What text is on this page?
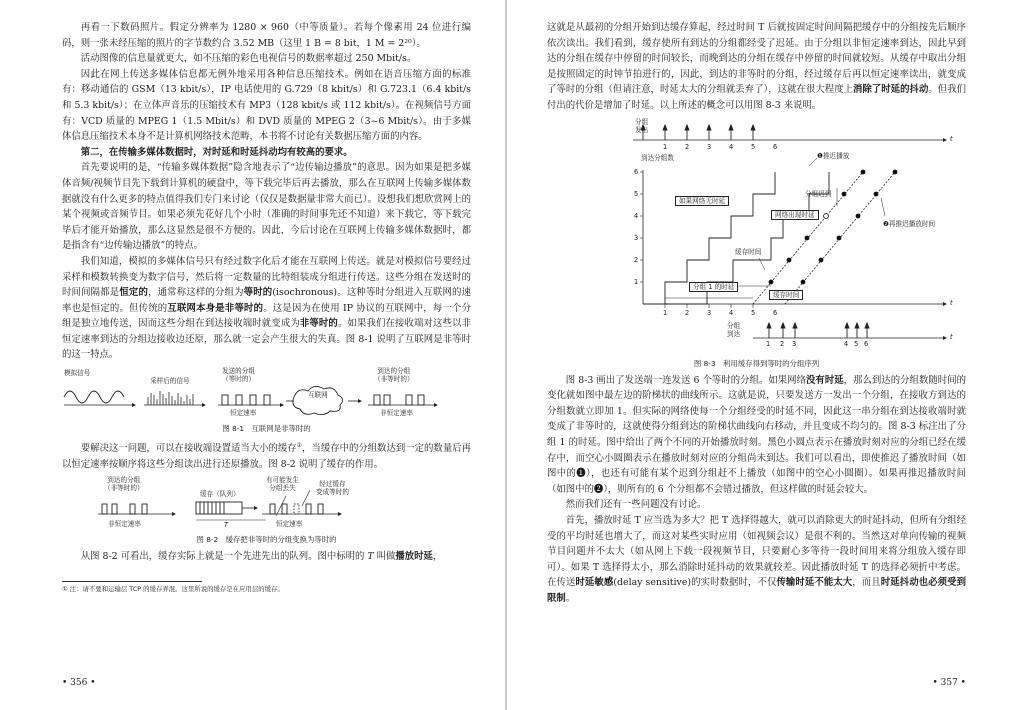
再看一下数码照片。假定分辨率为 1280 × 960（中等质量）。若每个像素用 24 位进行编码，则一张未经压缩的照片的字节数约合 3.52 MB（这里 1 B = 8 bit，1 M = 2²⁰）。

活动图像的信息量就更大，如不压缩的彩色电视信号的数据率超过 250 Mbit/s。

因此在网上传送多媒体信息都无例外地采用各种信息压缩技术。例如在语音压缩方面的标准有：移动通信的 GSM（13 kbit/s），IP 电话使用的 G.729（8 kbit/s）和 G.723.1（6.4 kbit/s 和 5.3 kbit/s）；在立体声音乐的压缩技术有 MP3（128 kbit/s 或 112 kbit/s）。在视频信号方面有：VCD 质量的 MPEG 1（1.5 Mbit/s）和 DVD 质量的 MPEG 2（3~6 Mbit/s）。由于多媒体信息压缩技术本身不是计算机网络技术范畴，本书将不讨论有关数据压缩方面的内容。

第二，在传输多媒体数据时，对时延和时延抖动均有较高的要求。

首先要说明的是，“传输多媒体数据”隐含地表示了“边传输边播放”的意思。因为如果是把多媒体音频/视频节目先下载到计算机的硬盘中，等下载完毕后再去播放，那么在互联网上传输多媒体数据就没有什么更多的特点值得我们专门来讨论（仅仅是数据量非常大而已）。设想我们想欣赏网上的某个视频或音频节目。如果必须先花好几个小时（准确的时间事先还不知道）来下载它，等下载完毕后才能开始播放，那么这显然是很不方便的。因此，今后讨论在互联网上传输多媒体数据时，都是指含有“边传输边播放”的特点。

我们知道，模拟的多媒体信号只有经过数字化后才能在互联网上传送。就是对模拟信号要经过采样和模数转换变为数字信号，然后将一定数量的比特组装成分组进行传送。这些分组在发送时的时间间隔都是恒定的，通常称这样的分组为等时的(isochronous)。这种等时分组进入互联网的速率也是恒定的。但传统的互联网本身是非等时的。这是因为在使用 IP 协议的互联网中，每一个分组是独立地传送，因而这些分组在到达接收端时就变成为非等时的。如果我们在接收端对这些以非恒定速率到达的分组边接收边还原，那么就一定会产生很大的失真。图 8-1 说明了互联网是非等时的这一特点。

模拟信号
采样后的信号
发送的分组
（等时的）
互联网
到达的分组
（非等时的）
恒定速率	非恒定速率
图 8-1　互联网是非等时的

要解决这一问题，可以在接收端设置适当大小的缓存①，当缓存中的分组数达到一定的数量后再以恒定速率按顺序将这些分组读出进行还原播放。图 8-2 说明了缓存的作用。

到达的分组
（非等时的）
非恒定速率
缓存（队列）
有可能发生
分组丢失	经过缓存
变成等时的
T	恒定速率
图 8-2　缓存把非等时的分组变换为等时的

从图 8-2 可看出，缓存实际上就是一个先进先出的队列。图中标明的 T 叫做播放时延，

① 注：请不要和运输层 TCP 的缓存弄混。这里所说的缓存是在应用层的缓存。
• 356 •

这就是从最初的分组开始到达缓存算起，经过时间 T 后就按固定时间间隔把缓存中的分组按先后顺序依次读出。我们看到，缓存使所有到达的分组都经受了迟延。由于分组以非恒定速率到达，因此早到达的分组在缓存中停留的时间较长，而晚到达的分组在缓存中停留的时间就较短。从缓存中取出分组是按照固定的时钟节拍进行的，因此，到达的非等时的分组，经过缓存后再以恒定速率读出，就变成了等时的分组（但请注意，时延太大的分组就丢弃了），这就在很大程度上消除了时延的抖动。但我们付出的代价是增加了时延。以上所述的概念可以用图 8-3 来说明。

分组
发出
到达分组数
t
t
t
1
2
3
4
5
6
1	2	3	4	5	6
1	2	3	4	5	6
分组
到达
1 2 3	4 5 6
❶推迟播放
如果网络无时延
分组迟到
网络出现时延
❷再推迟播放时间
缓存时间
分组 1 的时延
缓存时间
图 8-3　利用缓存得到等时的分组序列

图 8-3 画出了发送端一连发送 6 个等时的分组。如果网络没有时延，那么到达的分组数随时间的变化就如图中最左边的阶梯状的曲线所示。这就是说，只要发送方一发出一个分组，在接收方到达的分组数就立即加 1。但实际的网络使每一个分组经受的时延不同，因此这一串分组在到达接收端时就变成了非等时的，这就使得分组到达的阶梯状曲线向右移动，并且变成不均匀的。图 8-3 标注出了分组 1 的时延。图中给出了两个不同的开始播放时刻。黑色小圆点表示在播放时刻对应的分组已经在缓存中，而空心小圆圈表示在播放时刻对应的分组尚未到达。我们可以看出，即使推迟了播放时间（如图中的❶），也还有可能有某个迟到分组赶不上播放（如图中的空心小圆圈）。如果再推迟播放时间（如图中的❷），则所有的 6 个分组都不会错过播放，但这样做的时延会较大。

然而我们还有一些问题没有讨论。

首先，播放时延 T 应当选为多大？把 T 选择得越大，就可以消除更大的时延抖动，但所有分组经受的平均时延也增大了，而这对某些实时应用（如视频会议）是很不利的。当然这对单向传输的视频节目问题并不太大（如从网上下载一段视频节目，只要耐心多等待一段时间用来将分组放入缓存即可）。如果 T 选择得太小，那么消除时延抖动的效果就较差。因此播放时延 T 的选择必须折中考虑。在传送时延敏感(delay sensitive)的实时数据时，不仅传输时延不能太大，而且时延抖动也必须受到限制。

• 357 •
